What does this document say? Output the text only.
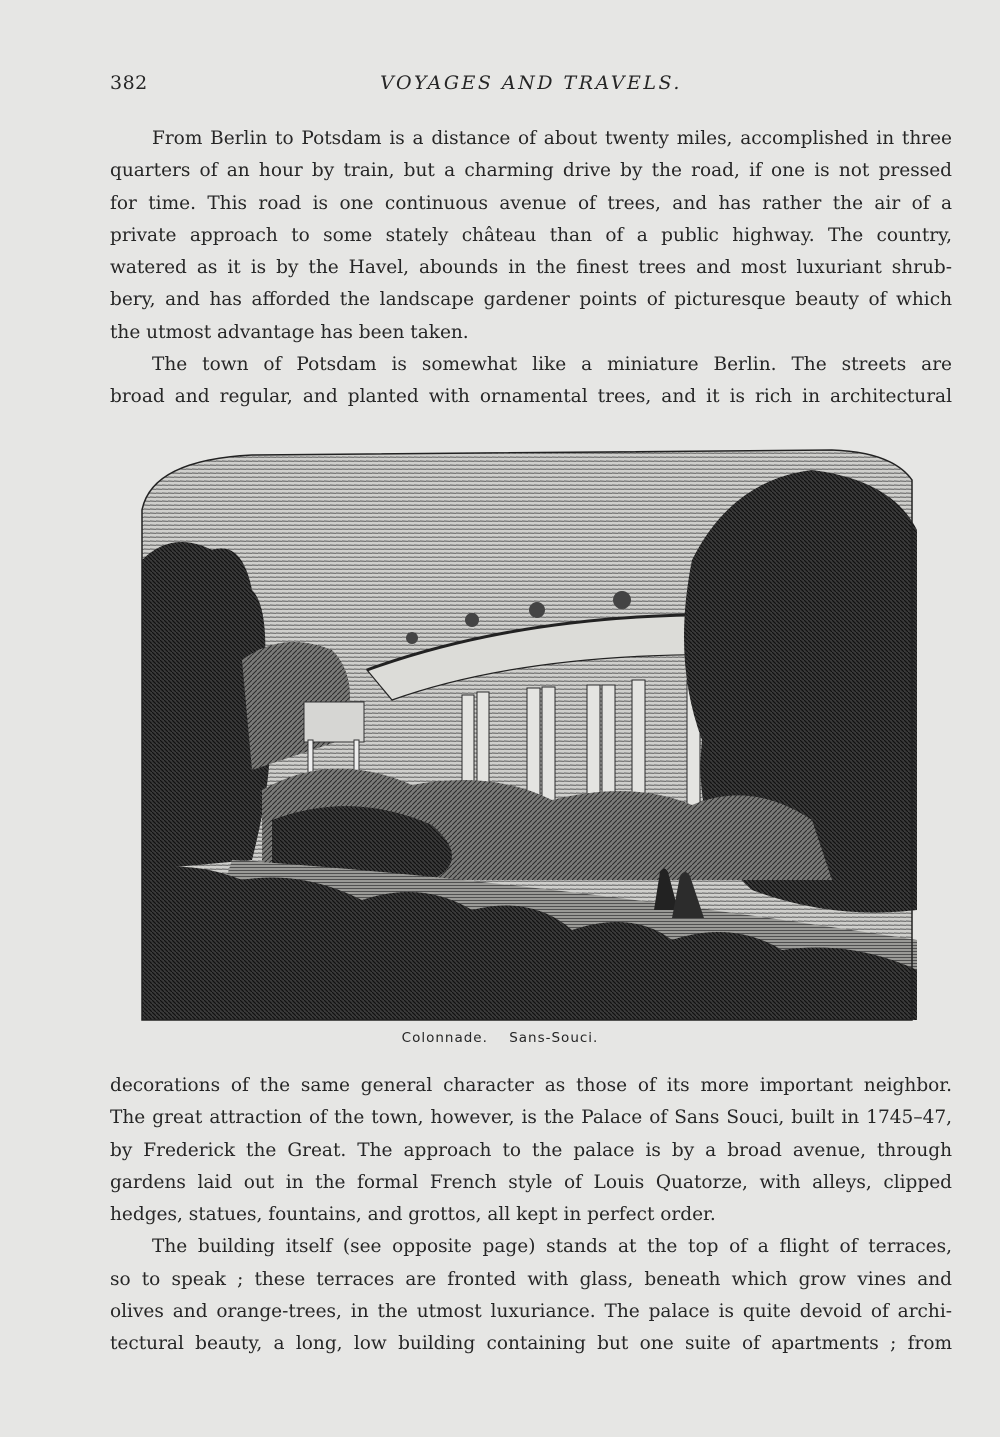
382	VOYAGES AND TRAVELS.

From Berlin to Potsdam is a distance of about twenty miles, accomplished in three
quarters of an hour by train, but a charming drive by the road, if one is not pressed
for time. This road is one continuous avenue of trees, and has rather the air of a
private approach to some stately château than of a public highway. The country,
watered as it is by the Havel, abounds in the finest trees and most luxuriant shrub-
bery, and has afforded the landscape gardener points of picturesque beauty of which
the utmost advantage has been taken.

The town of Potsdam is somewhat like a miniature Berlin. The streets are
broad and regular, and planted with ornamental trees, and it is rich in architectural

Colonnade. Sans-Souci.

decorations of the same general character as those of its more important neighbor.
The great attraction of the town, however, is the Palace of Sans Souci, built in 1745–47,
by Frederick the Great. The approach to the palace is by a broad avenue, through
gardens laid out in the formal French style of Louis Quatorze, with alleys, clipped
hedges, statues, fountains, and grottos, all kept in perfect order.

The building itself (see opposite page) stands at the top of a flight of terraces,
so to speak ; these terraces are fronted with glass, beneath which grow vines and
olives and orange-trees, in the utmost luxuriance. The palace is quite devoid of archi-
tectural beauty, a long, low building containing but one suite of apartments ; from
